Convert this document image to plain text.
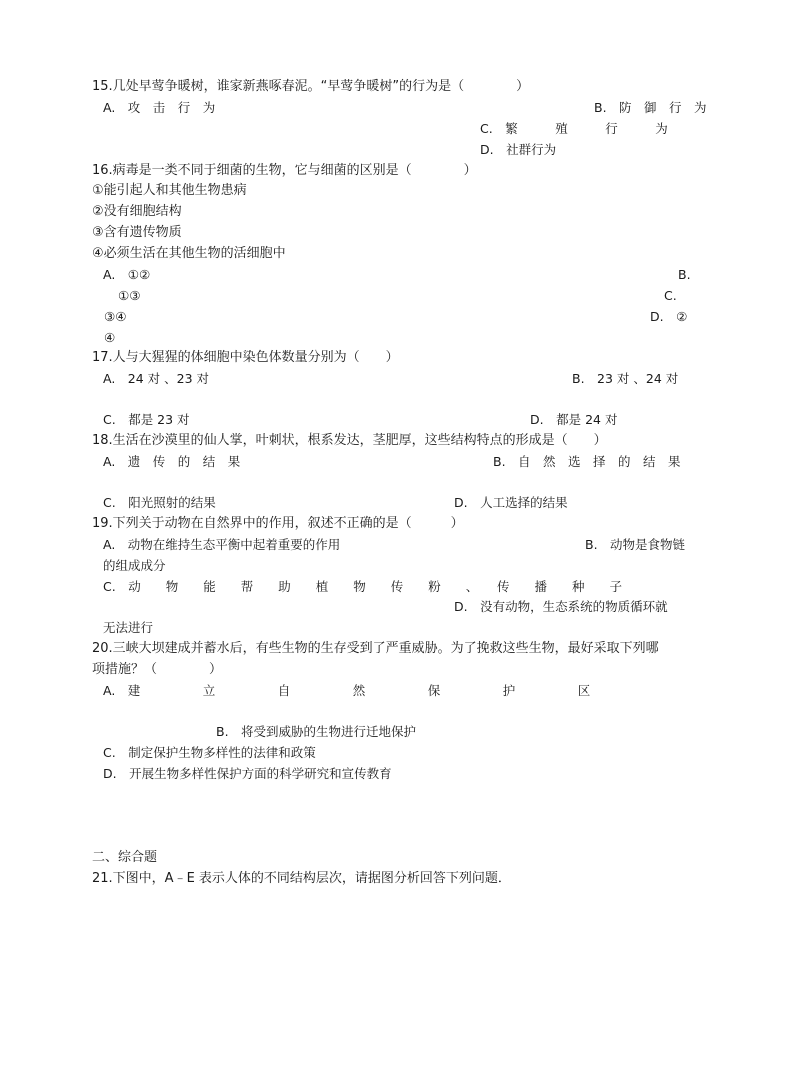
15.几处早莺争暖树，谁家新燕啄春泥。“早莺争暖树”的行为是（　　　　）
A.　攻　击　行　为	B.　防　御　行　为
C.　繁　　　殖　　　行　　　为
D.　社群行为
16.病毒是一类不同于细菌的生物，它与细菌的区别是（　　　　）
①能引起人和其他生物患病
②没有细胞结构
③含有遗传物质
④必须生活在其他生物的活细胞中
A.　①②	B.
①③	C.
③④	D.　②
④
17.人与大猩猩的体细胞中染色体数量分别为（　　）
A.　24 对 、23 对	B.　23 对 、24 对
C.　都是 23 对	D.　都是 24 对
18.生活在沙漠里的仙人掌，叶刺状，根系发达，茎肥厚，这些结构特点的形成是（　　）
A.　遗　传　的　结　果	B.　自　然　选　择　的　结　果
C.　阳光照射的结果	D.　人工选择的结果
19.下列关于动物在自然界中的作用，叙述不正确的是（　　　）
A.　动物在维持生态平衡中起着重要的作用	B.　动物是食物链
的组成成分
C.　动　　物　　能　　帮　　助　　植　　物　　传　　粉　　、　　传　　播　　种　　子
D.　没有动物，生态系统的物质循环就
无法进行
20.三峡大坝建成并蓄水后，有些生物的生存受到了严重威胁。为了挽救这些生物，最好采取下列哪
项措施？（　　　　）
A.　建　　　　　立　　　　　自　　　　　然　　　　　保　　　　　护　　　　　区
B.　将受到威胁的生物进行迁地保护
C.　制定保护生物多样性的法律和政策
D.　开展生物多样性保护方面的科学研究和宣传教育
二、综合题
21.下图中，A﹣E 表示人体的不同结构层次，请据图分析回答下列问题．
